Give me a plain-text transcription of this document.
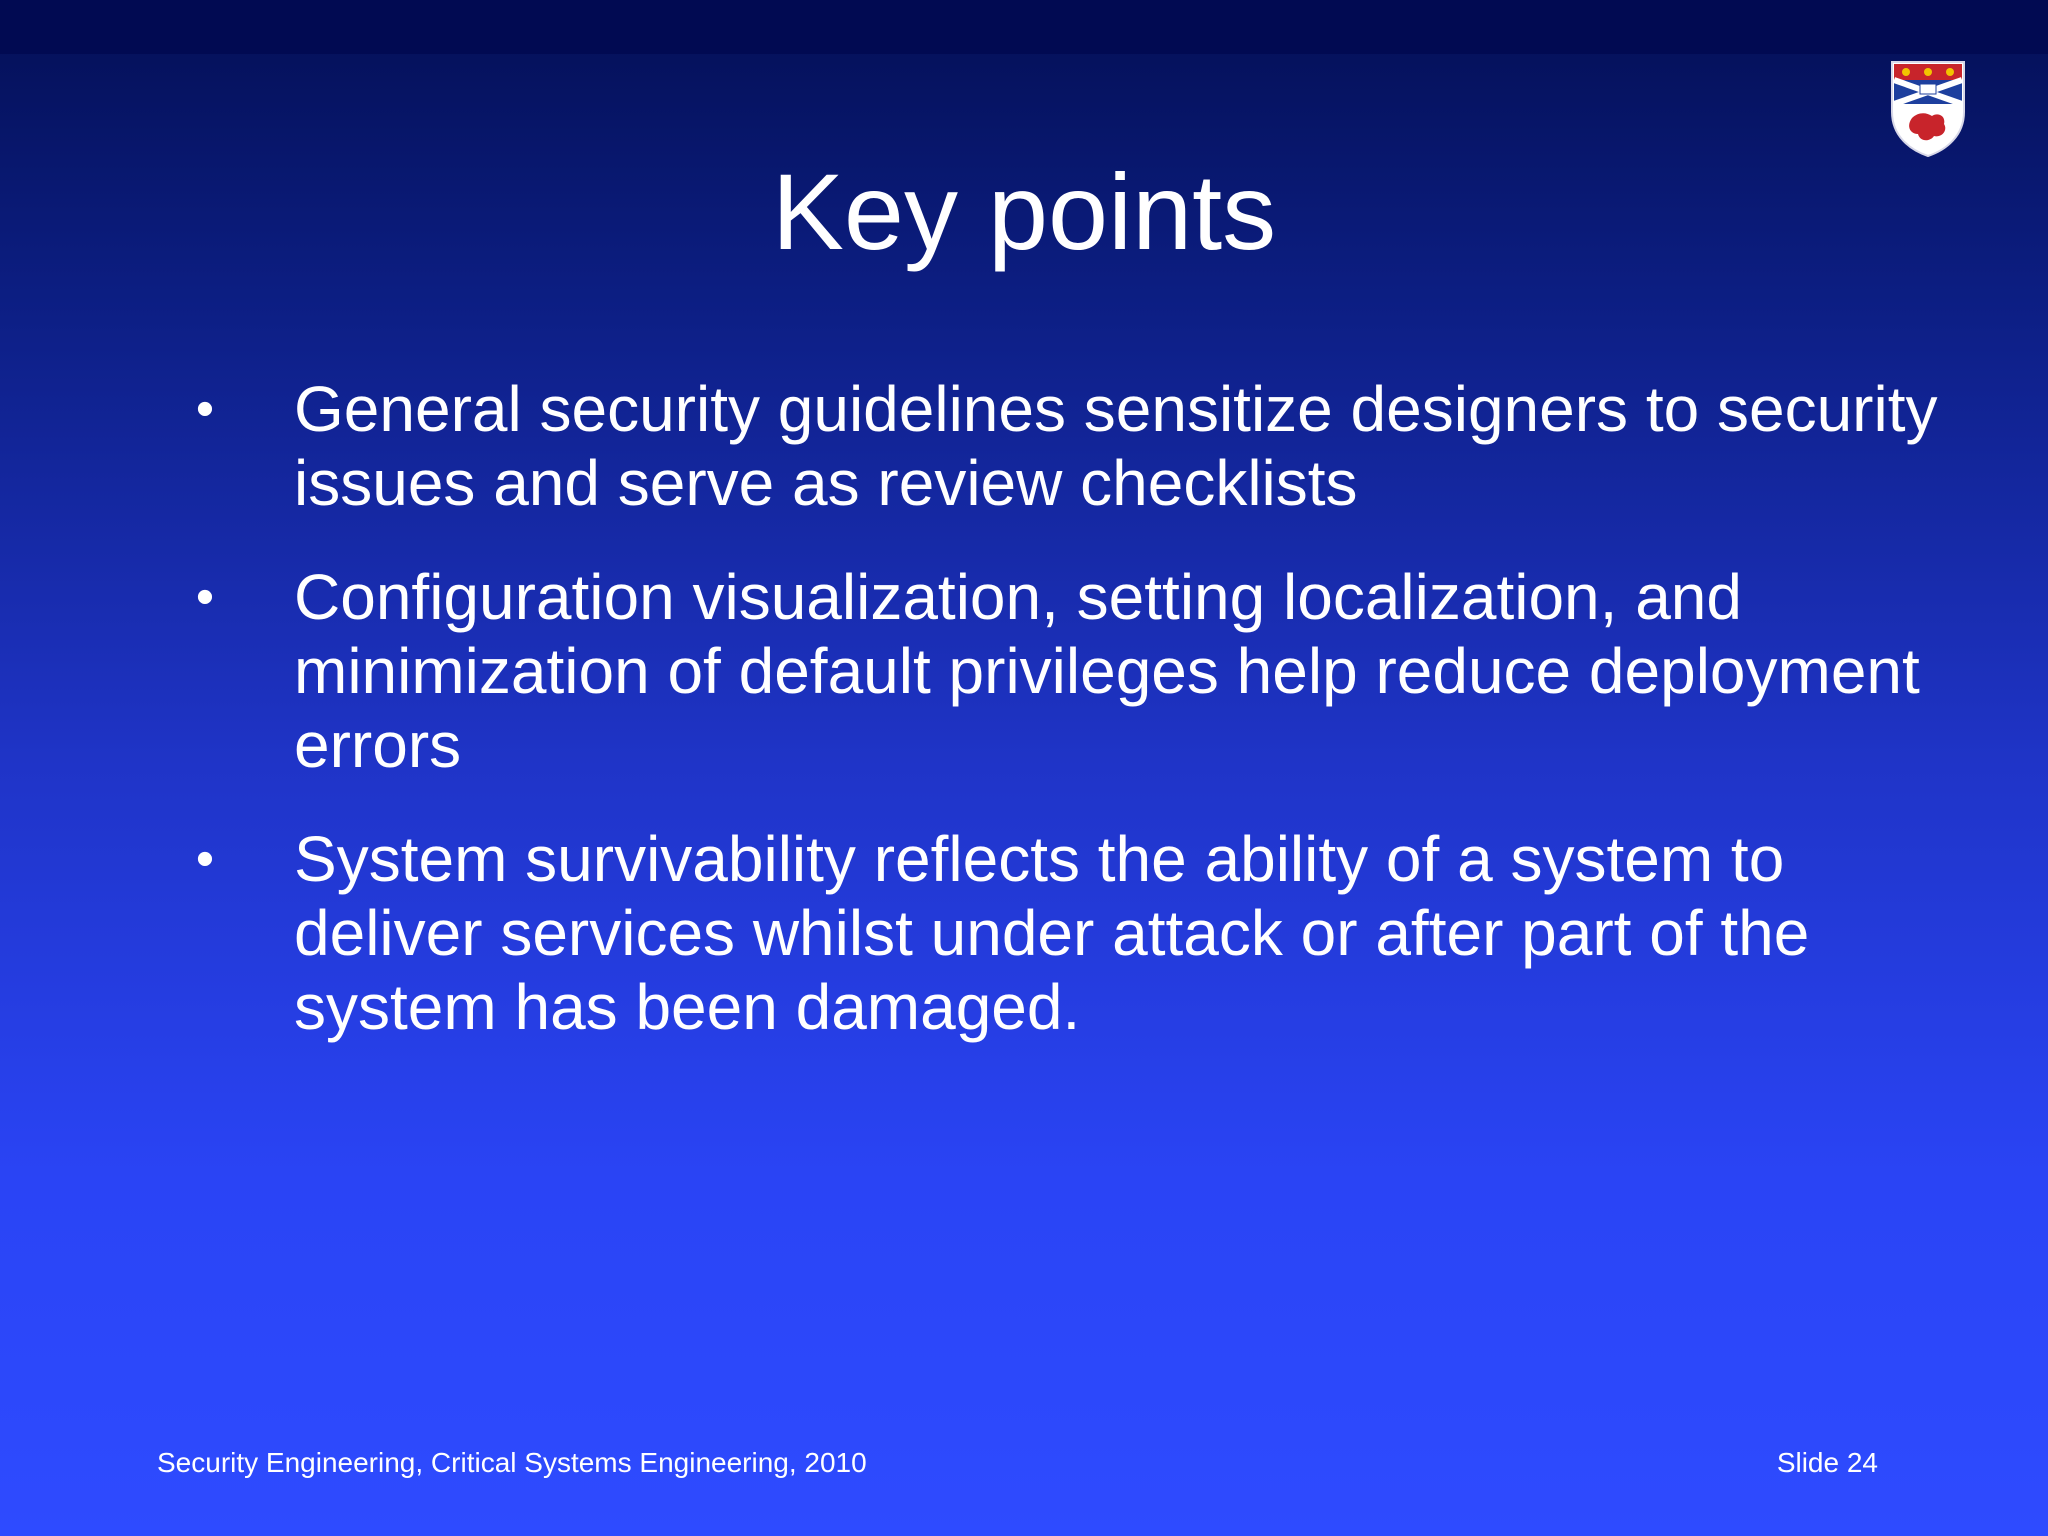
Key points
• General security guidelines sensitize designers to security issues and serve as review checklists
• Configuration visualization, setting localization, and minimization of default privileges help reduce deployment errors
• System survivability reflects the ability of a system to deliver services whilst under attack or after part of the system has been damaged.
Security Engineering, Critical Systems Engineering, 2010	Slide 24
